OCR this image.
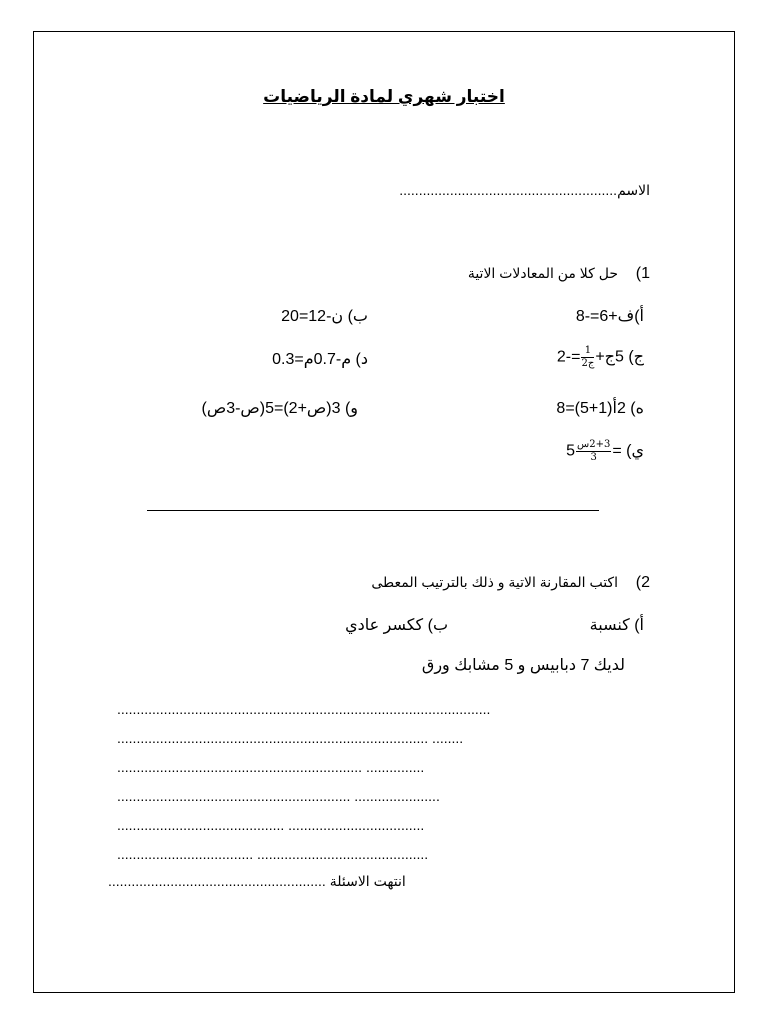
اختبار شهري لمادة الرياضيات
الاسم........................................................
1)    حل كلا من المعادلات الاتية
أ)ف+6=-8
ب) ن-12=20
ج) 5ج+
$\frac{1}{\text{ج2}}$
=-2
د) م-0.7م=0.3
ه) 2أ(1+5)=8
و) 3(ص+2)=5(ص-3ص)
ي) =
$\frac{\text{2+3س}}{3}$
5
2)    اكتب المقارنة الاتية و ذلك بالترتيب المعطى
أ) كنسبة
ب) ككسر عادي
لديك 7 دبابيس و 5 مشابك ورق
................................................................................................
................................................................................ ........
............................................................... ...............
............................................................ ......................
........................................... ...................................
................................... ............................................
انتهت الاسئلة ........................................................
